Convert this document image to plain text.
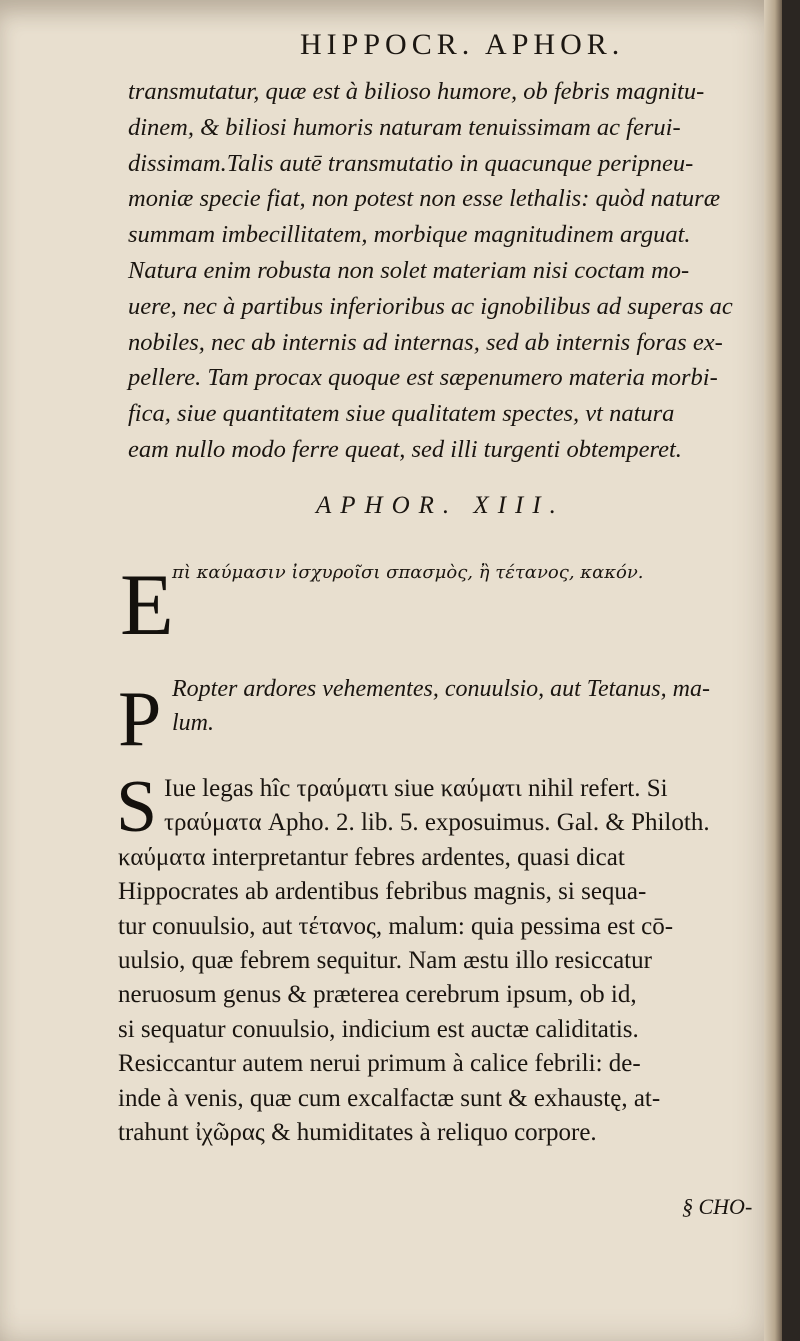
HIPPOCR. APHOR.
transmutatur, quæ est à bilioso humore, ob febris magnitu-
dinem, & biliosi humoris naturam tenuissimam ac ferui-
dissimam.Talis autē transmutatio in quacunque peripneu-
moniæ specie fiat, non potest non esse lethalis: quòd naturæ
summam imbecillitatem, morbique magnitudinem arguat.
Natura enim robusta non solet materiam nisi coctam mo-
uere, nec à partibus inferioribus ac ignobilibus ad superas ac
nobiles, nec ab internis ad internas, sed ab internis foras ex-
pellere. Tam procax quoque est sæpenumero materia morbi-
fica, siue quantitatem siue qualitatem spectes, vt natura
eam nullo modo ferre queat, sed illi turgenti obtemperet.
APHOR. XIII.
E
πὶ καύμασιν ἰσχυροῖσι σπασμὸς, ἢ τέτανος, κακόν.
P Ropter ardores vehementes, conuulsio, aut Tetanus, ma-
lum.
S Iue legas hîc τραύματι siue καύματι nihil refert. Si
τραύματα Apho. 2. lib. 5. exposuimus. Gal. & Philoth.
καύματα interpretantur febres ardentes, quasi dicat
Hippocrates ab ardentibus febribus magnis, si sequa-
tur conuulsio, aut τέτανος, malum: quia pessima est cō-
uulsio, quæ febrem sequitur. Nam æstu illo resiccatur
neruosum genus & præterea cerebrum ipsum, ob id,
si sequatur conuulsio, indicium est auctæ caliditatis.
Resiccantur autem nerui primum à calice febrili: de-
inde à venis, quæ cum excalfactæ sunt & exhaustę, at-
trahunt ἰχῶρας & humiditates à reliquo corpore.
§ CHO-
